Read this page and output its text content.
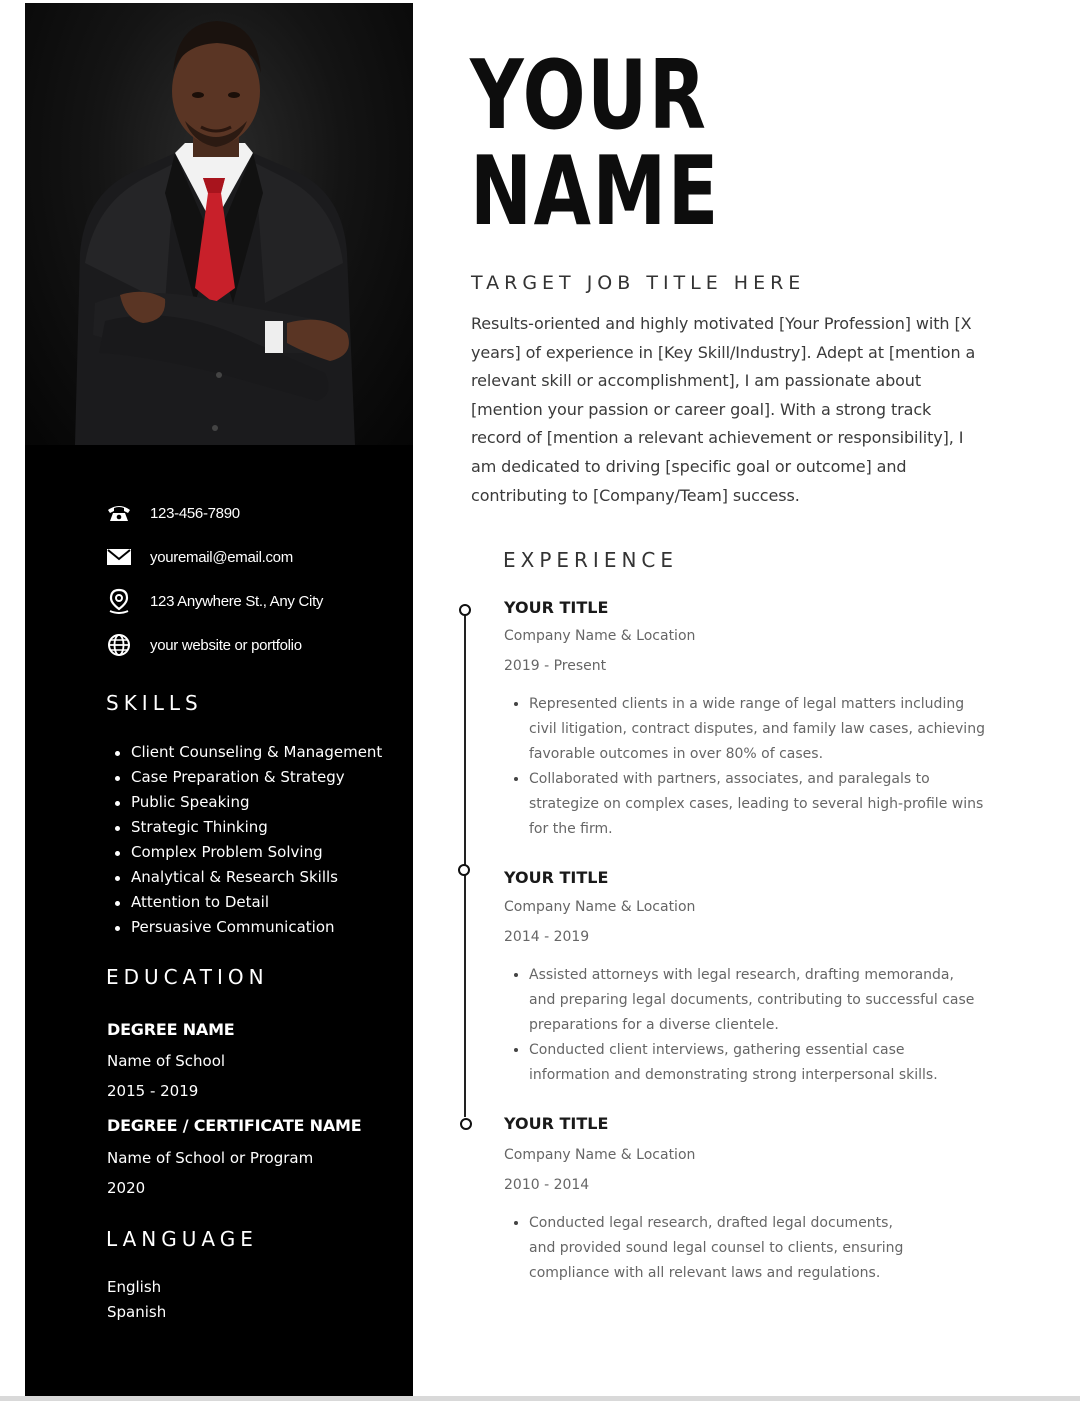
123-456-7890
youremail@email.com
123 Anywhere St., Any City
your website or portfolio
SKILLS
Client Counseling & Management
Case Preparation & Strategy
Public Speaking
Strategic Thinking
Complex Problem Solving
Analytical & Research Skills
Attention to Detail
Persuasive Communication
EDUCATION
DEGREE NAME
Name of School
2015 - 2019
DEGREE / CERTIFICATE NAME
Name of School or Program
2020
LANGUAGE
English
Spanish
YOUR
NAME
TARGET JOB TITLE HERE
Results-oriented and highly motivated [Your Profession] with [X
years] of experience in [Key Skill/Industry]. Adept at [mention a
relevant skill or accomplishment], I am passionate about
[mention your passion or career goal]. With a strong track
record of [mention a relevant achievement or responsibility], I
am dedicated to driving [specific goal or outcome] and
contributing to [Company/Team] success.
EXPERIENCE
YOUR TITLE
Company Name & Location
2019 - Present
Represented clients in a wide range of legal matters including
civil litigation, contract disputes, and family law cases, achieving
favorable outcomes in over 80% of cases.
Collaborated with partners, associates, and paralegals to
strategize on complex cases, leading to several high-profile wins
for the firm.
YOUR TITLE
Company Name & Location
2014 - 2019
Assisted attorneys with legal research, drafting memoranda,
and preparing legal documents, contributing to successful case
preparations for a diverse clientele.
Conducted client interviews, gathering essential case
information and demonstrating strong interpersonal skills.
YOUR TITLE
Company Name & Location
2010 - 2014
Conducted legal research, drafted legal documents,
and provided sound legal counsel to clients, ensuring
compliance with all relevant laws and regulations.
